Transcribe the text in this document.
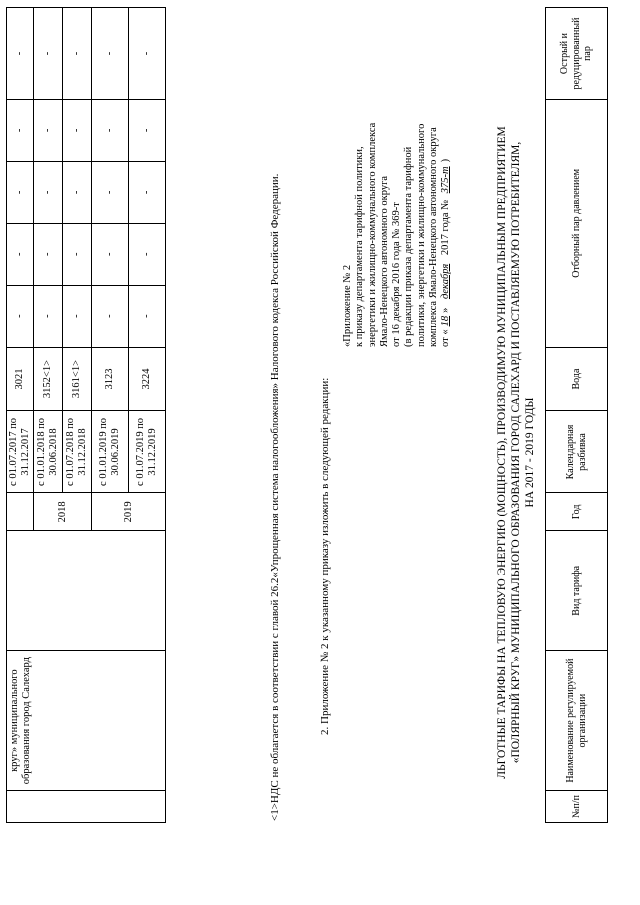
	круг» муниципального образования город Салехард			с 01.07.2017 по 31.12.2017	3021	-	-	-	-	-
			2018	с 01.01.2018 по 30.06.2018	3152<1>	-	-	-	-	-
				с 01.07.2018 по 31.12.2018	3161<1>	-	-	-	-	-
			2019	с 01.01.2019 по 30.06.2019	3123	-	-	-	-	-
				с 01.07.2019 по 31.12.2019	3224	-	-	-	-	-
<1>НДС не облагается в соответствии с главой 26.2«Упрощенная система налогообложения» Налогового кодекса Российской Федерации.	2. Приложение № 2 к указанному приказу изложить в следующей редакции:
«Приложение № 2 к приказу департамента тарифной политики, энергетики и жилищно-коммунального комплекса Ямало-Ненецкого автономного округа от 16 декабря 2016 года № 369-т (в редакции приказа департамента тарифной политики, энергетики и жилищно-коммунального комплекса Ямало-Ненецкого автономного округа от «18» декабря 2017 года № 375-т)	ЛЬГОТНЫЕ ТАРИФЫ НА ТЕПЛОВУЮ ЭНЕРГИЮ (МОЩНОСТЬ), ПРОИЗВОДИМУЮ МУНИЦИПАЛЬНЫМ ПРЕДПРИЯТИЕМ «ПОЛЯРНЫЙ КРУГ» МУНИЦИПАЛЬНОГО ОБРАЗОВАНИЯ ГОРОД САЛЕХАРД И ПОСТАВЛЯЕМУЮ ПОТРЕБИТЕЛЯМ, НА 2017 - 2019 ГОДЫ
№п/п	Наименование регулируемой организации	Вид тарифа	Год	Календарная разбивка	Вода	Отборный пар давлением	Острый и редуцированный пар
